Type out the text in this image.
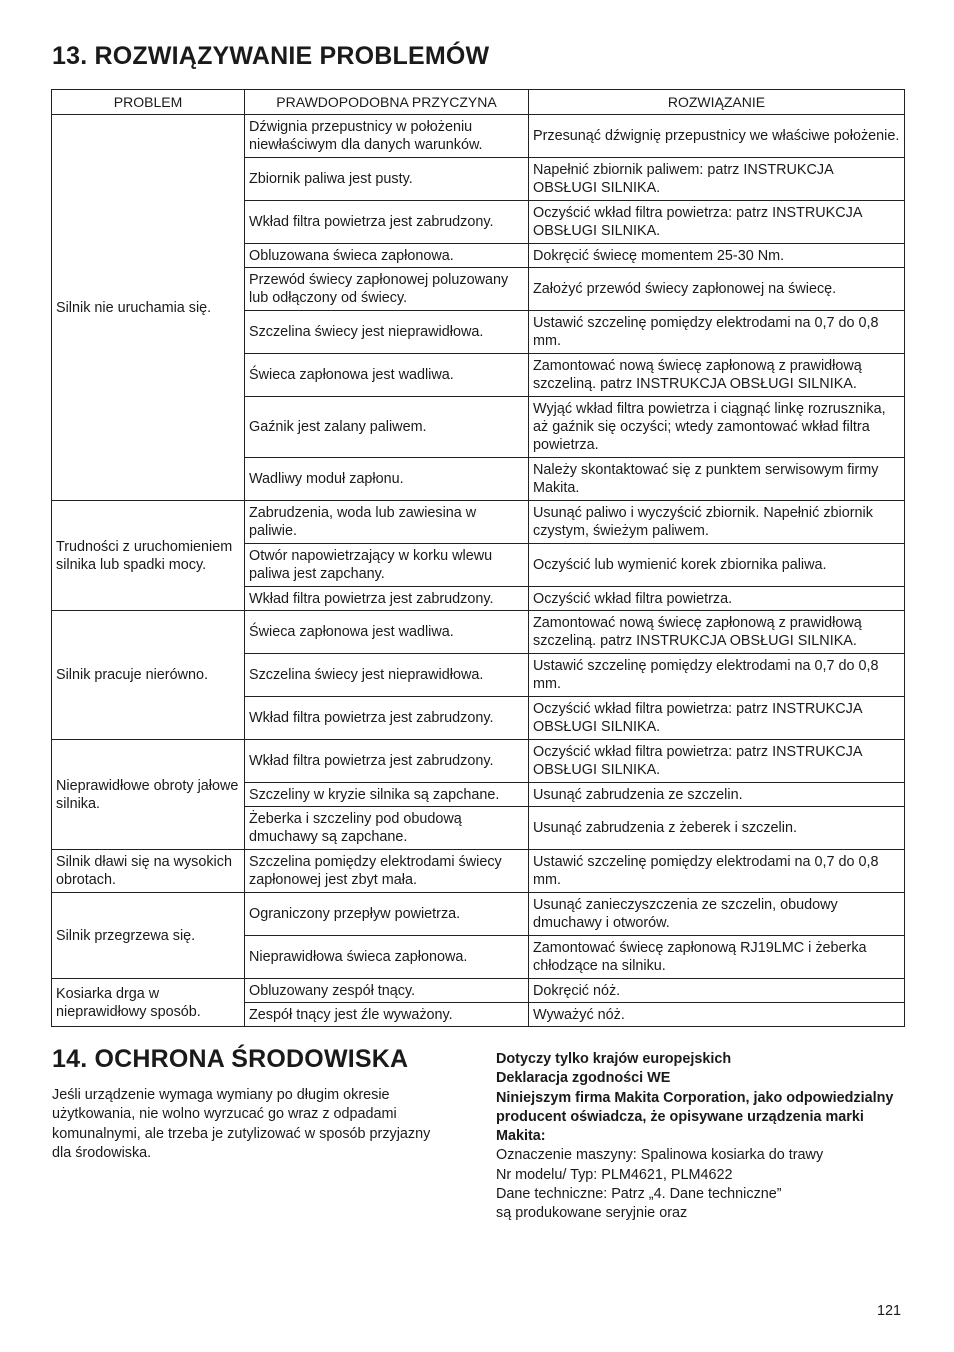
13. ROZWIĄZYWANIE PROBLEMÓW
PROBLEM	PRAWDOPODOBNA PRZYCZYNA	ROZWIĄZANIE
Silnik nie uruchamia się.	Dźwignia przepustnicy w położeniu niewłaściwym dla danych warunków.	Przesunąć dźwignię przepustnicy we właściwe położenie.
	Zbiornik paliwa jest pusty.	Napełnić zbiornik paliwem: patrz INSTRUKCJA OBSŁUGI SILNIKA.
	Wkład filtra powietrza jest zabrudzony.	Oczyścić wkład filtra powietrza: patrz INSTRUKCJA OBSŁUGI SILNIKA.
	Obluzowana świeca zapłonowa.	Dokręcić świecę momentem 25-30 Nm.
	Przewód świecy zapłonowej poluzowany lub odłączony od świecy.	Założyć przewód świecy zapłonowej na świecę.
	Szczelina świecy jest nieprawidłowa.	Ustawić szczelinę pomiędzy elektrodami na 0,7 do 0,8 mm.
	Świeca zapłonowa jest wadliwa.	Zamontować nową świecę zapłonową z prawidłową szczeliną. patrz INSTRUKCJA OBSŁUGI SILNIKA.
	Gaźnik jest zalany paliwem.	Wyjąć wkład filtra powietrza i ciągnąć linkę rozrusznika, aż gaźnik się oczyści; wtedy zamontować wkład filtra powietrza.
	Wadliwy moduł zapłonu.	Należy skontaktować się z punktem serwisowym firmy Makita.
Trudności z uruchomieniem silnika lub spadki mocy.	Zabrudzenia, woda lub zawiesina w paliwie.	Usunąć paliwo i wyczyścić zbiornik. Napełnić zbiornik czystym, świeżym paliwem.
	Otwór napowietrzający w korku wlewu paliwa jest zapchany.	Oczyścić lub wymienić korek zbiornika paliwa.
	Wkład filtra powietrza jest zabrudzony.	Oczyścić wkład filtra powietrza.
Silnik pracuje nierówno.	Świeca zapłonowa jest wadliwa.	Zamontować nową świecę zapłonową z prawidłową szczeliną. patrz INSTRUKCJA OBSŁUGI SILNIKA.
	Szczelina świecy jest nieprawidłowa.	Ustawić szczelinę pomiędzy elektrodami na 0,7 do 0,8 mm.
	Wkład filtra powietrza jest zabrudzony.	Oczyścić wkład filtra powietrza: patrz INSTRUKCJA OBSŁUGI SILNIKA.
Nieprawidłowe obroty jałowe silnika.	Wkład filtra powietrza jest zabrudzony.	Oczyścić wkład filtra powietrza: patrz INSTRUKCJA OBSŁUGI SILNIKA.
	Szczeliny w kryzie silnika są zapchane.	Usunąć zabrudzenia ze szczelin.
	Żeberka i szczeliny pod obudową dmuchawy są zapchane.	Usunąć zabrudzenia z żeberek i szczelin.
Silnik dławi się na wysokich obrotach.	Szczelina pomiędzy elektrodami świecy zapłonowej jest zbyt mała.	Ustawić szczelinę pomiędzy elektrodami na 0,7 do 0,8 mm.
Silnik przegrzewa się.	Ograniczony przepływ powietrza.	Usunąć zanieczyszczenia ze szczelin, obudowy dmuchawy i otworów.
	Nieprawidłowa świeca zapłonowa.	Zamontować świecę zapłonową RJ19LMC i żeberka chłodzące na silniku.
Kosiarka drga w nieprawidłowy sposób.	Obluzowany zespół tnący.	Dokręcić nóż.
	Zespół tnący jest źle wyważony.	Wyważyć nóż.
14. OCHRONA ŚRODOWISKA

Jeśli urządzenie wymaga wymiany po długim okresie użytkowania, nie wolno wyrzucać go wraz z odpadami komunalnymi, ale trzeba je zutylizować w sposób przyjazny dla środowiska.

Dotyczy tylko krajów europejskich
Deklaracja zgodności WE
Niniejszym firma Makita Corporation, jako odpowiedzialny producent oświadcza, że opisywane urządzenia marki Makita:
Oznaczenie maszyny: Spalinowa kosiarka do trawy
Nr modelu/ Typ: PLM4621, PLM4622
Dane techniczne: Patrz „4. Dane techniczne”
są produkowane seryjnie oraz
121
